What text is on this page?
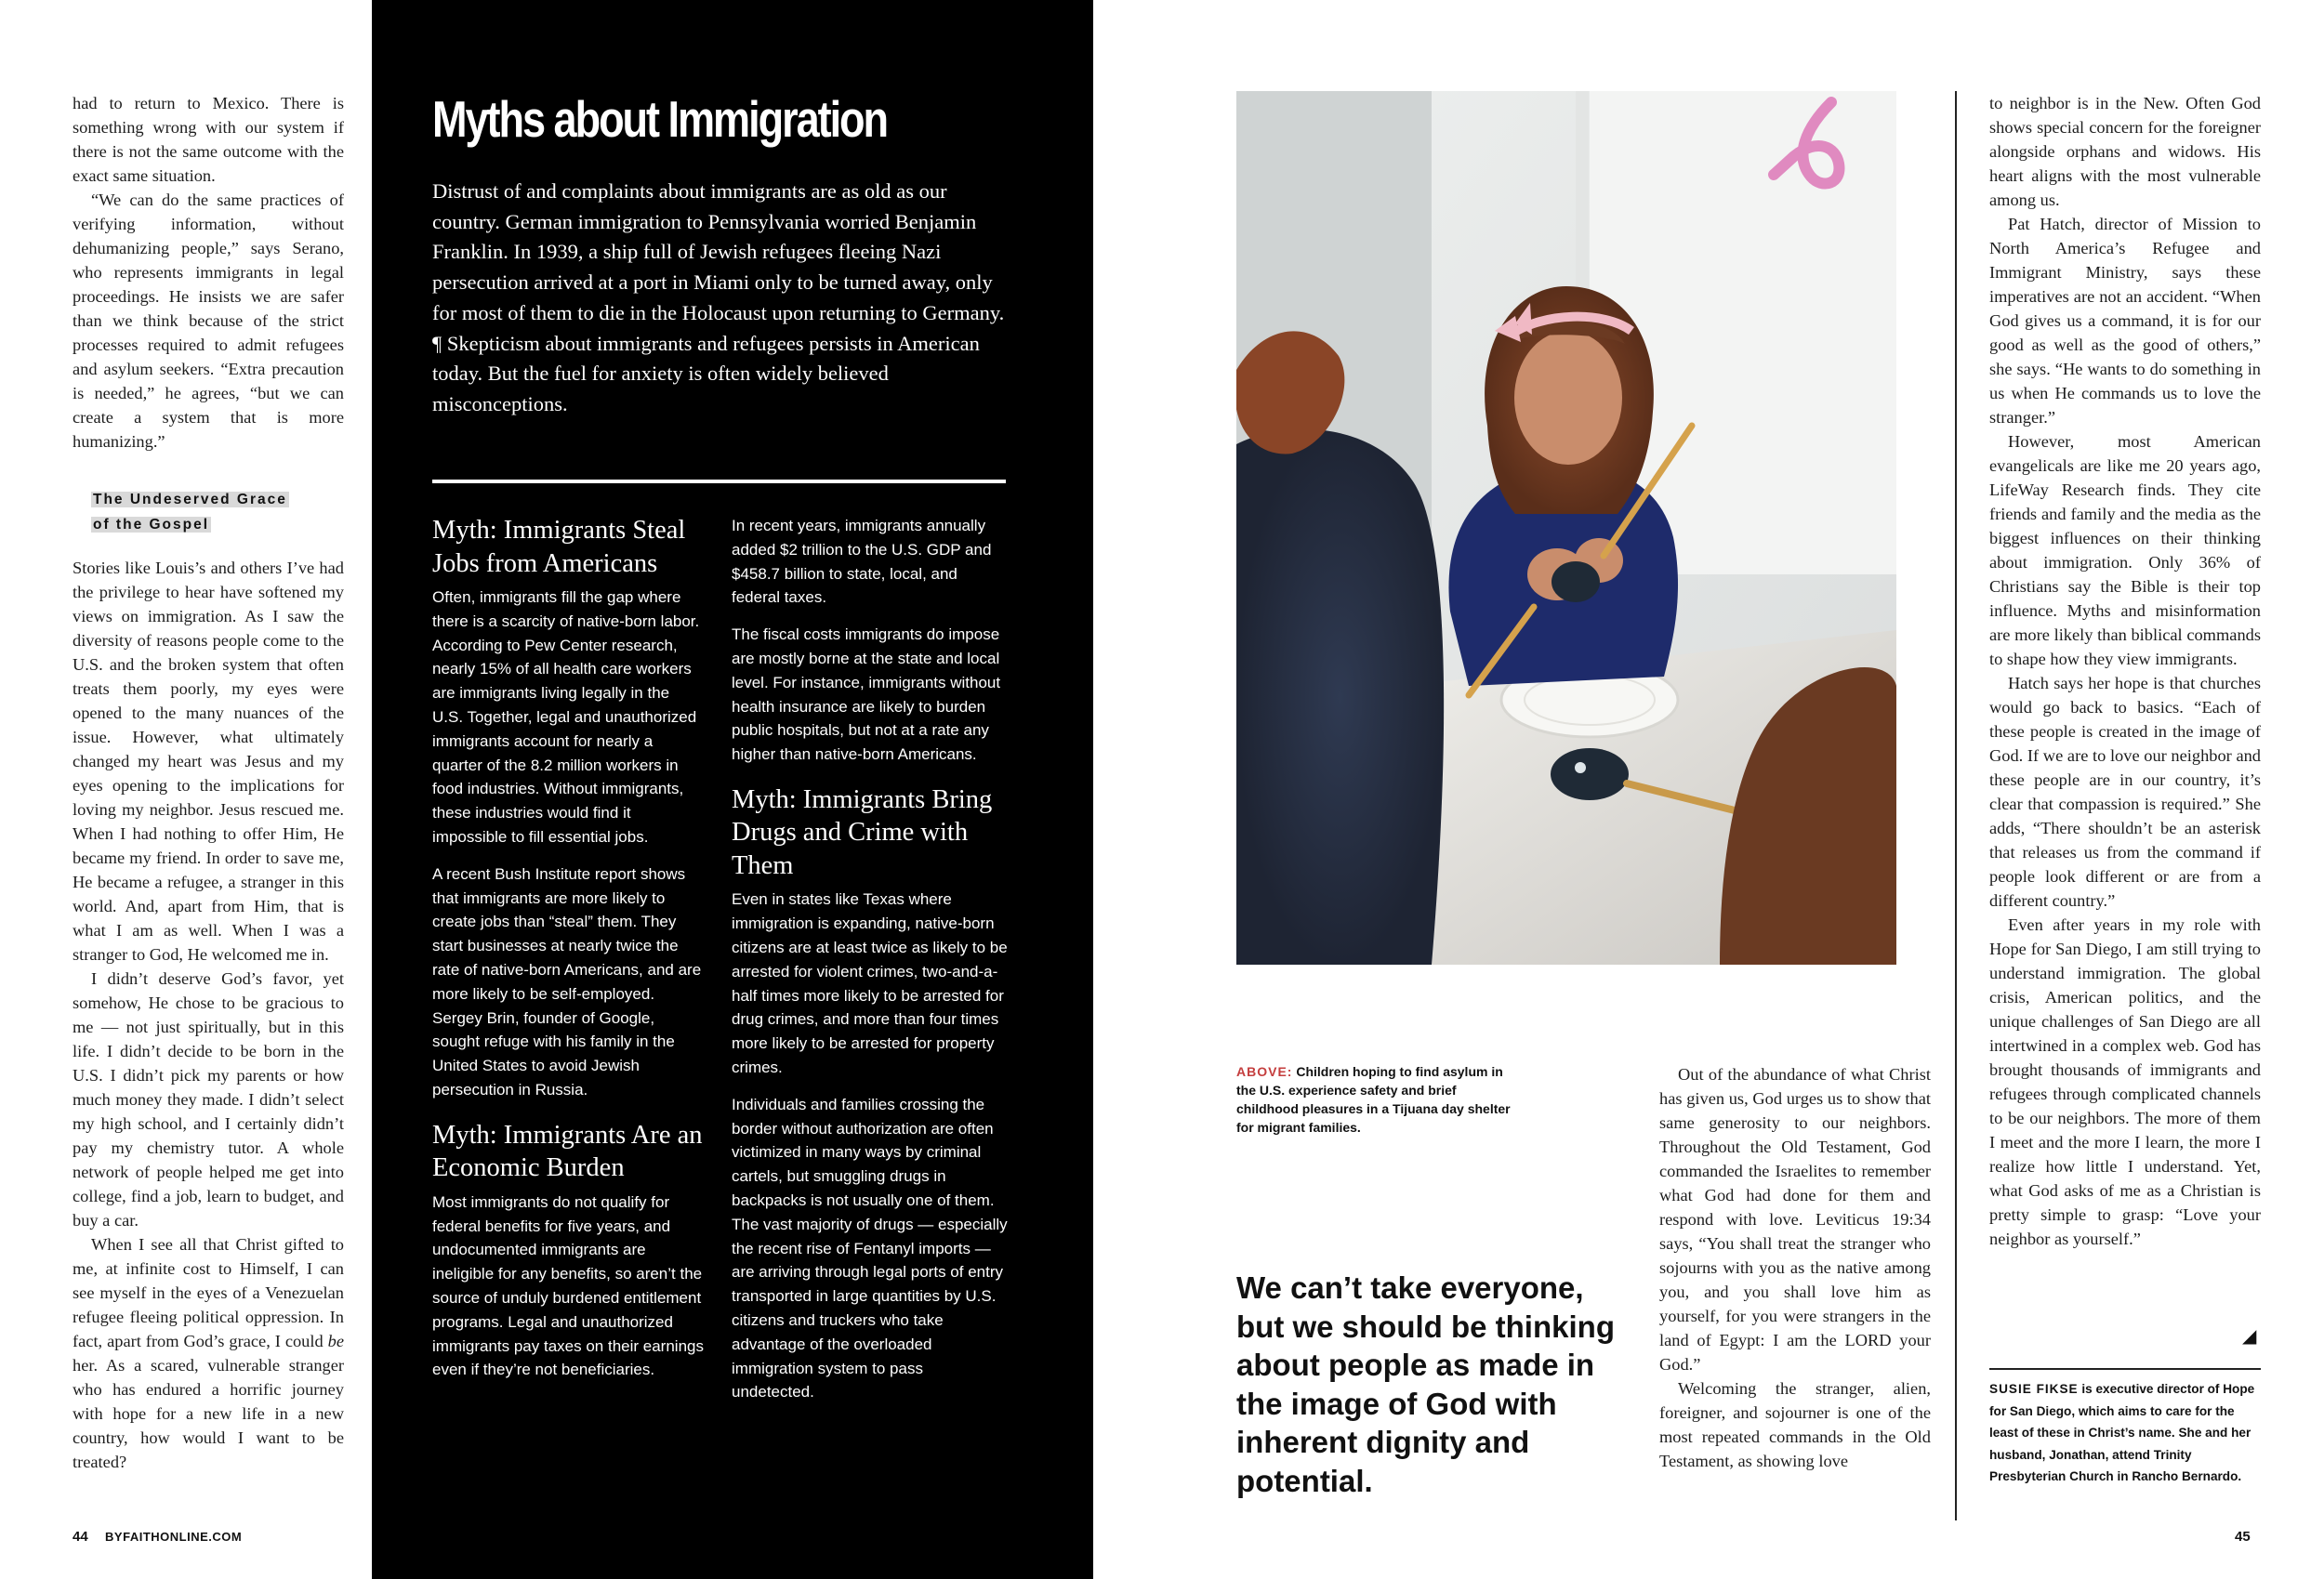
had to return to Mexico. There is something wrong with our system if there is not the same outcome with the exact same situation.

“We can do the same practices of verifying information, without dehumanizing people,” says Serano, who represents immigrants in legal proceedings. He insists we are safer than we think because of the strict processes required to admit refugees and asylum seekers. “Extra precaution is needed,” he agrees, “but we can create a system that is more humanizing.”

The Undeserved Grace

of the Gospel

Stories like Louis’s and others I’ve had the privilege to hear have softened my views on immigration. As I saw the diversity of reasons people come to the U.S. and the broken system that often treats them poorly, my eyes were opened to the many nuances of the issue. However, what ultimately changed my heart was Jesus and my eyes opening to the implications for loving my neighbor. Jesus rescued me. When I had nothing to offer Him, He became my friend. In order to save me, He became a refugee, a stranger in this world. And, apart from Him, that is what I am as well. When I was a stranger to God, He welcomed me in.

I didn’t deserve God’s favor, yet somehow, He chose to be gracious to me — not just spiritually, but in this life. I didn’t decide to be born in the U.S. I didn’t pick my parents or how much money they made. I didn’t select my high school, and I certainly didn’t pay my chemistry tutor. A whole network of people helped me get into college, find a job, learn to budget, and buy a car.

When I see all that Christ gifted to me, at infinite cost to Himself, I can see myself in the eyes of a Venezuelan refugee fleeing political oppression. In fact, apart from God’s grace, I could be her. As a scared, vulnerable stranger who has endured a horrific journey with hope for a new life in a new country, how would I want to be treated?

44 BYFAITHONLINE.COM
Myths about Immigration

Distrust of and complaints about immigrants are as old as our country. German immigration to Pennsylvania worried Benjamin Franklin. In 1939, a ship full of Jewish refugees fleeing Nazi persecution arrived at a port in Miami only to be turned away, only for most of them to die in the Holocaust upon returning to Germany. ¶ Skepticism about immigrants and refugees persists in American today. But the fuel for anxiety is often widely believed misconceptions.

Myth: Immigrants Steal Jobs from Americans

Often, immigrants fill the gap where there is a scarcity of native-born labor. According to Pew Center research, nearly 15% of all health care workers are immigrants living legally in the U.S. Together, legal and unauthorized immigrants account for nearly a quarter of the 8.2 million workers in food industries. Without immigrants, these industries would find it impossible to fill essential jobs.

A recent Bush Institute report shows that immigrants are more likely to create jobs than “steal” them. They start businesses at nearly twice the rate of native-born Americans, and are more likely to be self-employed. Sergey Brin, founder of Google, sought refuge with his family in the United States to avoid Jewish persecution in Russia.

Myth: Immigrants Are an Economic Burden

Most immigrants do not qualify for federal benefits for five years, and undocumented immigrants are ineligible for any benefits, so aren’t the source of unduly burdened entitlement programs. Legal and unauthorized immigrants pay taxes on their earnings even if they’re not beneficiaries.

In recent years, immigrants annually added $2 trillion to the U.S. GDP and $458.7 billion to state, local, and federal taxes.

The fiscal costs immigrants do impose are mostly borne at the state and local level. For instance, immigrants without health insurance are likely to burden public hospitals, but not at a rate any higher than native-born Americans.

Myth: Immigrants Bring Drugs and Crime with Them

Even in states like Texas where immigration is expanding, native-born citizens are at least twice as likely to be arrested for violent crimes, two-and-a-half times more likely to be arrested for drug crimes, and more than four times more likely to be arrested for property crimes.

Individuals and families crossing the border without authorization are often victimized in many ways by criminal cartels, but smuggling drugs in backpacks is not usually one of them. The vast majority of drugs — especially the recent rise of Fentanyl imports — are arriving through legal ports of entry transported in large quantities by U.S. citizens and truckers who take advantage of the overloaded immigration system to pass undetected.

ABOVE: Children hoping to find asylum in the U.S. experience safety and brief childhood pleasures in a Tijuana day shelter for migrant families.

We can’t take everyone, but we should be thinking about people as made in the image of God with inherent dignity and potential.

Out of the abundance of what Christ has given us, God urges us to show that same generosity to our neighbors. Throughout the Old Testament, God commanded the Israelites to remember what God had done for them and respond with love. Leviticus 19:34 says, “You shall treat the stranger who sojourns with you as the native among you, and you shall love him as yourself, for you were strangers in the land of Egypt: I am the LORD your God.”

Welcoming the stranger, alien, foreigner, and sojourner is one of the most repeated commands in the Old Testament, as showing love

to neighbor is in the New. Often God shows special concern for the foreigner alongside orphans and widows. His heart aligns with the most vulnerable among us.

Pat Hatch, director of Mission to North America’s Refugee and Immigrant Ministry, says these imperatives are not an accident. “When God gives us a command, it is for our good as well as the good of others,” she says. “He wants to do something in us when He commands us to love the stranger.”

However, most American evangelicals are like me 20 years ago, LifeWay Research finds. They cite friends and family and the media as the biggest influences on their thinking about immigration. Only 36% of Christians say the Bible is their top influence. Myths and misinformation are more likely than biblical commands to shape how they view immigrants.

Hatch says her hope is that churches would go back to basics. “Each of these people is created in the image of God. If we are to love our neighbor and these people are in our country, it’s clear that compassion is required.” She adds, “There shouldn’t be an asterisk that releases us from the command if people look different or are from a different country.”

Even after years in my role with Hope for San Diego, I am still trying to understand immigration. The global crisis, American politics, and the unique challenges of San Diego are all intertwined in a complex web. God has brought thousands of immigrants and refugees through complicated channels to be our neighbors. The more of them I meet and the more I learn, the more I realize how little I understand. Yet, what God asks of me as a Christian is pretty simple to grasp: “Love your neighbor as yourself.”

◢

SUSIE FIKSE is executive director of Hope for San Diego, which aims to care for the least of these in Christ’s name. She and her husband, Jonathan, attend Trinity Presbyterian Church in Rancho Bernardo.

45
